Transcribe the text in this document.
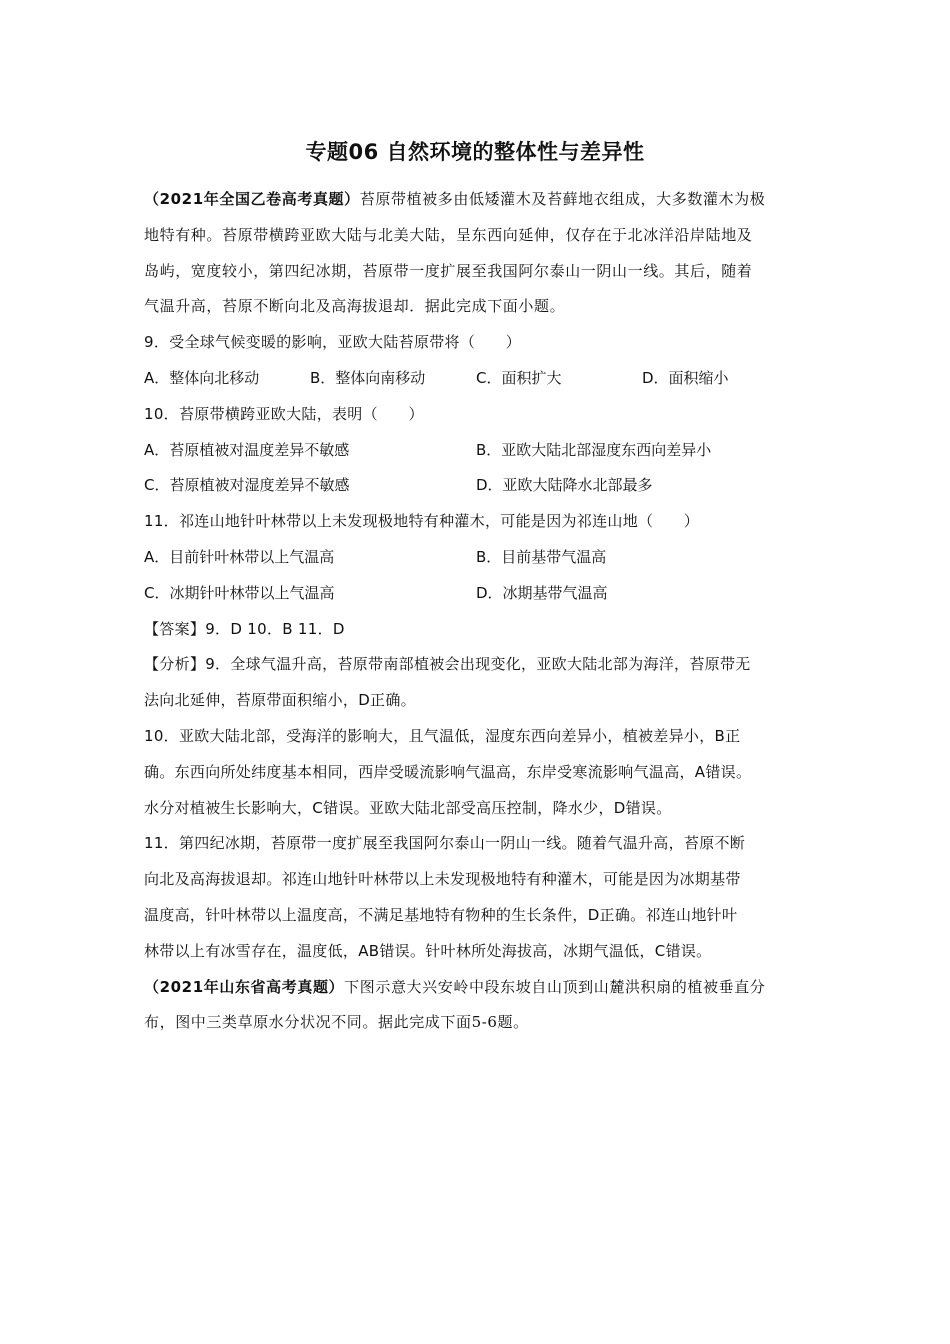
专题06 自然环境的整体性与差异性
（2021年全国乙卷高考真题）苔原带植被多由低矮灌木及苔藓地衣组成，大多数灌木为极
地特有种。苔原带横跨亚欧大陆与北美大陆，呈东西向延伸，仅存在于北冰洋沿岸陆地及
岛屿，宽度较小，第四纪冰期，苔原带一度扩展至我国阿尔泰山一阴山一线。其后，随着
气温升高，苔原不断向北及高海拔退却．据此完成下面小题。
9．受全球气候变暖的影响，亚欧大陆苔原带将（　　）
A．整体向北移动	B．整体向南移动	C．面积扩大	D．面积缩小
10．苔原带横跨亚欧大陆，表明（　　）
A．苔原植被对温度差异不敏感	B．亚欧大陆北部湿度东西向差异小
C．苔原植被对湿度差异不敏感	D．亚欧大陆降水北部最多
11．祁连山地针叶林带以上未发现极地特有种灌木，可能是因为祁连山地（　　）
A．目前针叶林带以上气温高	B．目前基带气温高
C．冰期针叶林带以上气温高	D．冰期基带气温高
【答案】9．D 10．B 11．D
【分析】9．全球气温升高，苔原带南部植被会出现变化，亚欧大陆北部为海洋，苔原带无
法向北延伸，苔原带面积缩小，D正确。
10．亚欧大陆北部，受海洋的影响大，且气温低，湿度东西向差异小，植被差异小，B正
确。东西向所处纬度基本相同，西岸受暖流影响气温高，东岸受寒流影响气温高，A错误。
水分对植被生长影响大，C错误。亚欧大陆北部受高压控制，降水少，D错误。
11．第四纪冰期，苔原带一度扩展至我国阿尔泰山一阴山一线。随着气温升高，苔原不断
向北及高海拔退却。祁连山地针叶林带以上未发现极地特有种灌木，可能是因为冰期基带
温度高，针叶林带以上温度高，不满足基地特有物种的生长条件，D正确。祁连山地针叶
林带以上有冰雪存在，温度低，AB错误。针叶林所处海拔高，冰期气温低，C错误。
（2021年山东省高考真题）下图示意大兴安岭中段东坡自山顶到山麓洪积扇的植被垂直分
布，图中三类草原水分状况不同。据此完成下面5-6题。
